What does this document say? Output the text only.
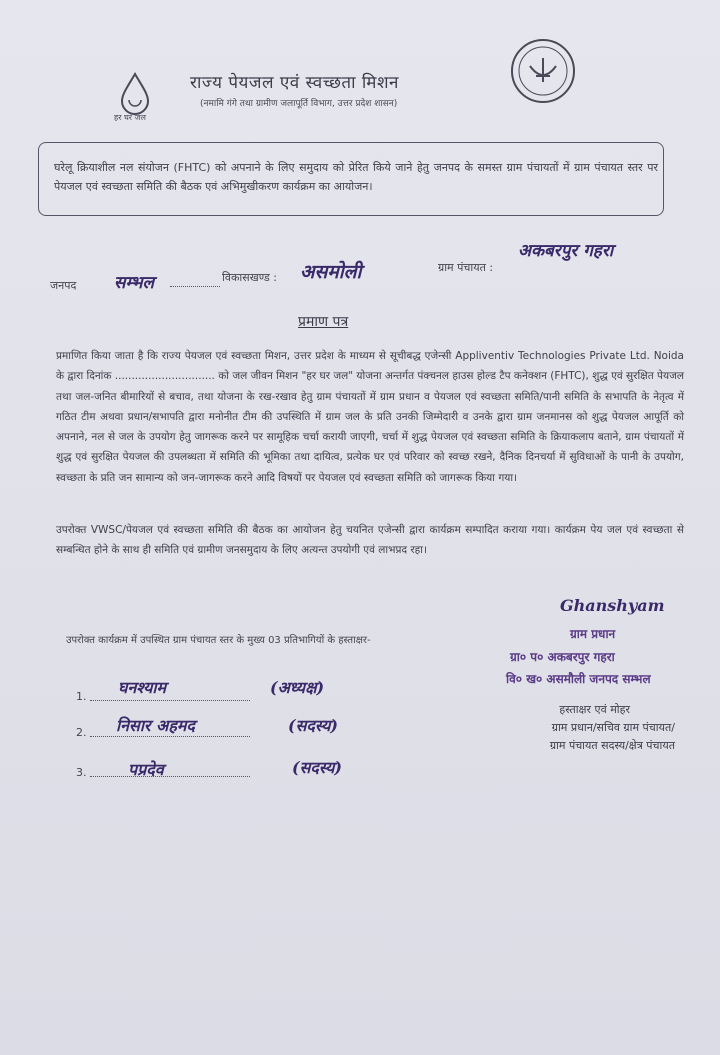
हर घर जल
राज्य पेयजल एवं स्वच्छता मिशन
(नमामि गंगे तथा ग्रामीण जलापूर्ति विभाग, उत्तर प्रदेश शासन)
घरेलू क्रियाशील नल संयोजन (FHTC) को अपनाने के लिए समुदाय को प्रेरित किये जाने हेतु जनपद के समस्त ग्राम पंचायतों में ग्राम पंचायत स्तर पर पेयजल एवं स्वच्छता समिति की बैठक एवं अभिमुखीकरण कार्यक्रम का आयोजन।
जनपद सम्भल	विकासखण्ड : असमोली	ग्राम पंचायत :
अकबरपुर गहरा
प्रमाण पत्र
प्रमाणित किया जाता है कि राज्य पेयजल एवं स्वच्छता मिशन, उत्तर प्रदेश के माध्यम से सूचीबद्ध एजेन्सी Appliventiv Technologies Private Ltd. Noida के द्वारा दिनांक .............................. को जल जीवन मिशन "हर घर जल" योजना अन्तर्गत पंक्चनल हाउस होल्ड टैप कनेक्शन (FHTC), शुद्ध एवं सुरक्षित पेयजल तथा जल-जनित बीमारियों से बचाव, तथा योजना के रख-रखाव हेतु ग्राम पंचायतों में ग्राम प्रधान व पेयजल एवं स्वच्छता समिति/पानी समिति के सभापति के नेतृत्व में गठित टीम अथवा प्रधान/सभापति द्वारा मनोनीत टीम की उपस्थिति में ग्राम जल के प्रति उनकी जिम्मेदारी व उनके द्वारा ग्राम जनमानस को शुद्ध पेयजल आपूर्ति को अपनाने, नल से जल के उपयोग हेतु जागरूक करने पर सामूहिक चर्चा करायी जाएगी, चर्चा में शुद्ध पेयजल एवं स्वच्छता समिति के क्रियाकलाप बताने, ग्राम पंचायतों में शुद्ध एवं सुरक्षित पेयजल की उपलब्धता में समिति की भूमिका तथा दायित्व, प्रत्येक घर एवं परिवार को स्वच्छ रखने, दैनिक दिनचर्या में सुविधाओं के पानी के उपयोग, स्वच्छता के प्रति जन सामान्य को जन-जागरूक करने आदि विषयों पर पेयजल एवं स्वच्छता समिति को जागरूक किया गया।
उपरोक्त VWSC/पेयजल एवं स्वच्छता समिति की बैठक का आयोजन हेतु चयनित एजेन्सी द्वारा कार्यक्रम सम्पादित कराया गया। कार्यक्रम पेय जल एवं स्वच्छता से सम्बन्धित होने के साथ ही समिति एवं ग्रामीण जनसमुदाय के लिए अत्यन्त उपयोगी एवं लाभप्रद रहा।
Ghanshyam
ग्राम प्रधान
ग्रा० प० अकबरपुर गहरा
वि० ख० असमौली जनपद सम्भल
हस्ताक्षर एवं मोहर
ग्राम प्रधान/सचिव ग्राम पंचायत/
ग्राम पंचायत सदस्य/क्षेत्र पंचायत
उपरोक्त कार्यक्रम में उपस्थित ग्राम पंचायत स्तर के मुख्य 03 प्रतिभागियों के हस्ताक्षर-
1. घनश्याम	(अध्यक्ष)
2. निसार अहमद	(सदस्य)
3.	पप्रदेव	(सदस्य)
